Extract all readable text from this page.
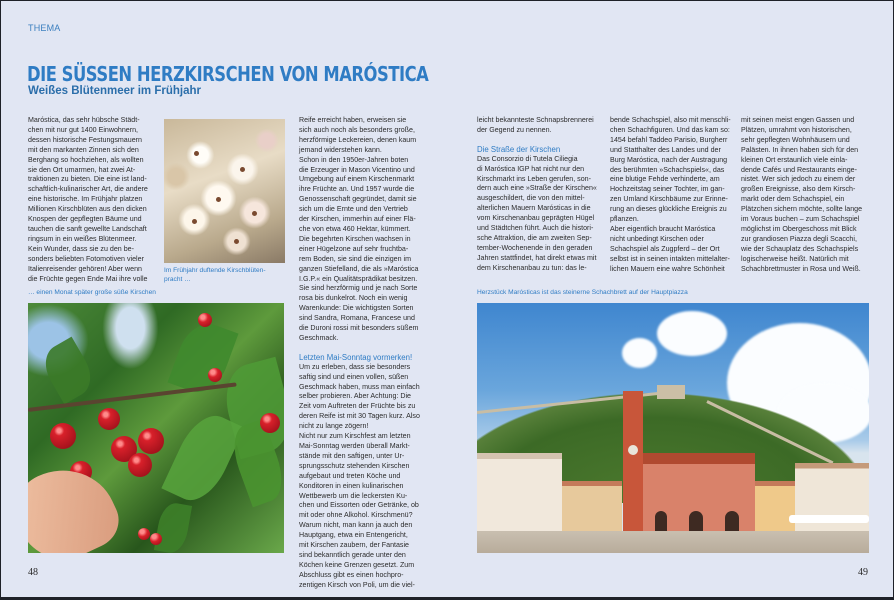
THEMA
DIE SÜSSEN HERZKIRSCHEN VON MARÓSTICA
Weißes Blütenmeer im Frühjahr
Maróstica, das sehr hübsche Städt-
chen mit nur gut 1400 Einwohnern,
dessen historische Festungsmauern
mit den markanten Zinnen sich den
Berghang so hochziehen, als wollten
sie den Ort umarmen, hat zwei At-
traktionen zu bieten. Die eine ist land-
schaftlich-kulinarischer Art, die andere
eine historische. Im Frühjahr platzen
Millionen Kirschblüten aus den dicken
Knospen der gepflegten Bäume und
tauchen die sanft gewellte Landschaft
ringsum in ein weißes Blütenmeer.
Kein Wunder, dass sie zu den be-
sonders beliebten Fotomotiven vieler
Italienreisender gehören! Aber wenn
die Früchte gegen Ende Mai ihre volle
Im Frühjahr duftende Kirschblüten-
pracht …
… einen Monat später große süße Kirschen
Reife erreicht haben, erweisen sie
sich auch noch als besonders große,
herzförmige Leckereien, denen kaum
jemand widerstehen kann.
Schon in den 1950er-Jahren boten
die Erzeuger in Mason Vicentino und
Umgebung auf einem Kirschenmarkt
ihre Früchte an. Und 1957 wurde die
Genossenschaft gegründet, damit sie
sich um die Ernte und den Vertrieb
der Kirschen, immerhin auf einer Flä-
che von etwa 460 Hektar, kümmert.
Die begehrten Kirschen wachsen in
einer Hügelzone auf sehr fruchtba-
rem Boden, sie sind die einzigen im
ganzen Stiefelland, die als »Maróstica
I.G.P.« ein Qualitätsprädikat besitzen.
Sie sind herzförmig und je nach Sorte
rosa bis dunkelrot. Noch ein wenig
Warenkunde: Die wichtigsten Sorten
sind Sandra, Romana, Francese und
die Duroni rossi mit besonders süßem
Geschmack.
Letzten Mai-Sonntag vormerken!
Um zu erleben, dass sie besonders
saftig sind und einen vollen, süßen
Geschmack haben, muss man einfach
selber probieren. Aber Achtung: Die
Zeit vom Auftreten der Früchte bis zu
deren Reife ist mit 30 Tagen kurz. Also
nicht zu lange zögern!
Nicht nur zum Kirschfest am letzten
Mai-Sonntag werden überall Markt-
stände mit den saftigen, unter Ur-
sprungsschutz stehenden Kirschen
aufgebaut und treten Köche und
Konditoren in einen kulinarischen
Wettbewerb um die leckersten Ku-
chen und Eissorten oder Getränke, ob
mit oder ohne Alkohol. Kirschmenü?
Warum nicht, man kann ja auch den
Hauptgang, etwa ein Entengericht,
mit Kirschen zaubern, der Fantasie
sind bekanntlich gerade unter den
Köchen keine Grenzen gesetzt. Zum
Abschluss gibt es einen hochpro-
zentigen Kirsch von Poli, um die viel-
48
leicht bekannteste Schnapsbrennerei
der Gegend zu nennen.
Die Straße der Kirschen
Das Consorzio di Tutela Ciliegia
di Maróstica IGP hat nicht nur den
Kirschmarkt ins Leben gerufen, son-
dern auch eine »Straße der Kirschen«
ausgeschildert, die von den mittel-
alterlichen Mauern Marósticas in die
vom Kirschenanbau geprägten Hügel
und Städtchen führt. Auch die histori-
sche Attraktion, die am zweiten Sep-
tember-Wochenende in den geraden
Jahren stattfindet, hat direkt etwas mit
dem Kirschenanbau zu tun: das le-
bende Schachspiel, also mit menschli-
chen Schachfiguren. Und das kam so:
1454 befahl Taddeo Parisio, Burgherr
und Statthalter des Landes und der
Burg Maróstica, nach der Austragung
des berühmten »Schachspiels«, das
eine blutige Fehde verhinderte, am
Hochzeitstag seiner Tochter, im gan-
zen Umland Kirschbäume zur Erinne-
rung an dieses glückliche Ereignis zu
pflanzen.
Aber eigentlich braucht Maróstica
nicht unbedingt Kirschen oder
Schachspiel als Zugpferd – der Ort
selbst ist in seinen intakten mittelalter-
lichen Mauern eine wahre Schönheit
mit seinen meist engen Gassen und
Plätzen, umrahmt von historischen,
sehr gepflegten Wohnhäusern und
Palästen. In ihnen haben sich für den
kleinen Ort erstaunlich viele einla-
dende Cafés und Restaurants einge-
nistet. Wer sich jedoch zu einem der
großen Ereignisse, also dem Kirsch-
markt oder dem Schachspiel, ein
Plätzchen sichern möchte, sollte lange
im Voraus buchen – zum Schachspiel
möglichst im Obergeschoss mit Blick
zur grandiosen Piazza degli Scacchi,
wie der Schauplatz des Schachspiels
logischerweise heißt. Natürlich mit
Schachbrettmuster in Rosa und Weiß.
Herzstück Marósticas ist das steinerne Schachbrett auf der Hauptpiazza
49
